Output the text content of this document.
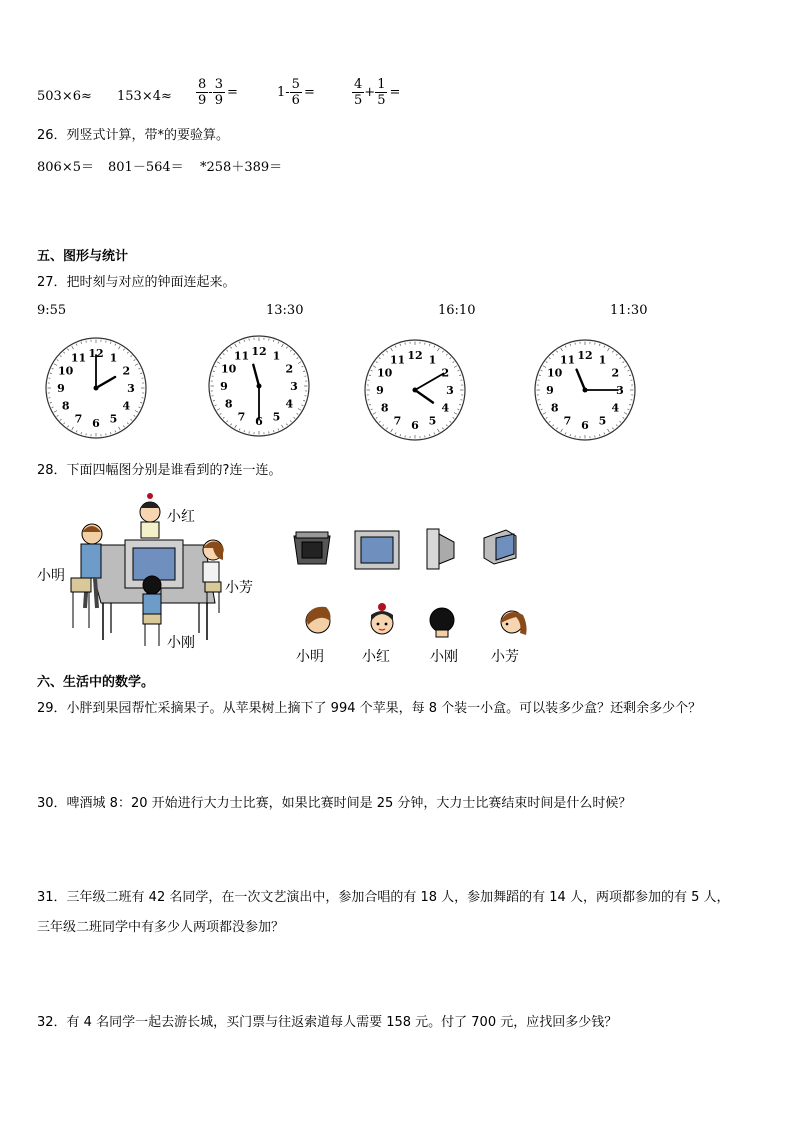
$503\times 6\approx 153\times 4\approx \frac{8}{9} - \frac{3}{9}$ =	$1- \frac{5}{6}$ =	$\frac{4}{5} + \frac{1}{5}$ =
26．列竖式计算，带*的要验算。
806×5＝ 801－564＝ *258＋389＝
五、图形与统计
27．把时刻与对应的钟面连起来。
9:55	13:30	16:10	11:30
12 1
2
3
4
5
6
7
8
9
10
11
12 1
2
3
4
5
6
7
8
9
10
11	12 1
2
3
4
5
6
7
8
9
10
11	12 1
2
3
4
5
6
7
8
9
10
11
28．下面四幅图分别是谁看到的?连一连。
小红
小明
小芳
小刚
小明	小红	小刚 小芳
六、生活中的数学。
29．小胖到果园帮忙采摘果子。从苹果树上摘下了 994 个苹果，每 8 个装一小盒。可以装多少盒？还剩余多少个？
30．啤酒城 8：20 开始进行大力士比赛，如果比赛时间是 25 分钟，大力士比赛结束时间是什么时候？
31．三年级二班有 42 名同学，在一次文艺演出中，参加合唱的有 18 人，参加舞蹈的有 14 人，两项都参加的有 5 人，
三年级二班同学中有多少人两项都没参加？
32．有 4 名同学一起去游长城，买门票与往返索道每人需要 158 元。付了 700 元，应找回多少钱？
